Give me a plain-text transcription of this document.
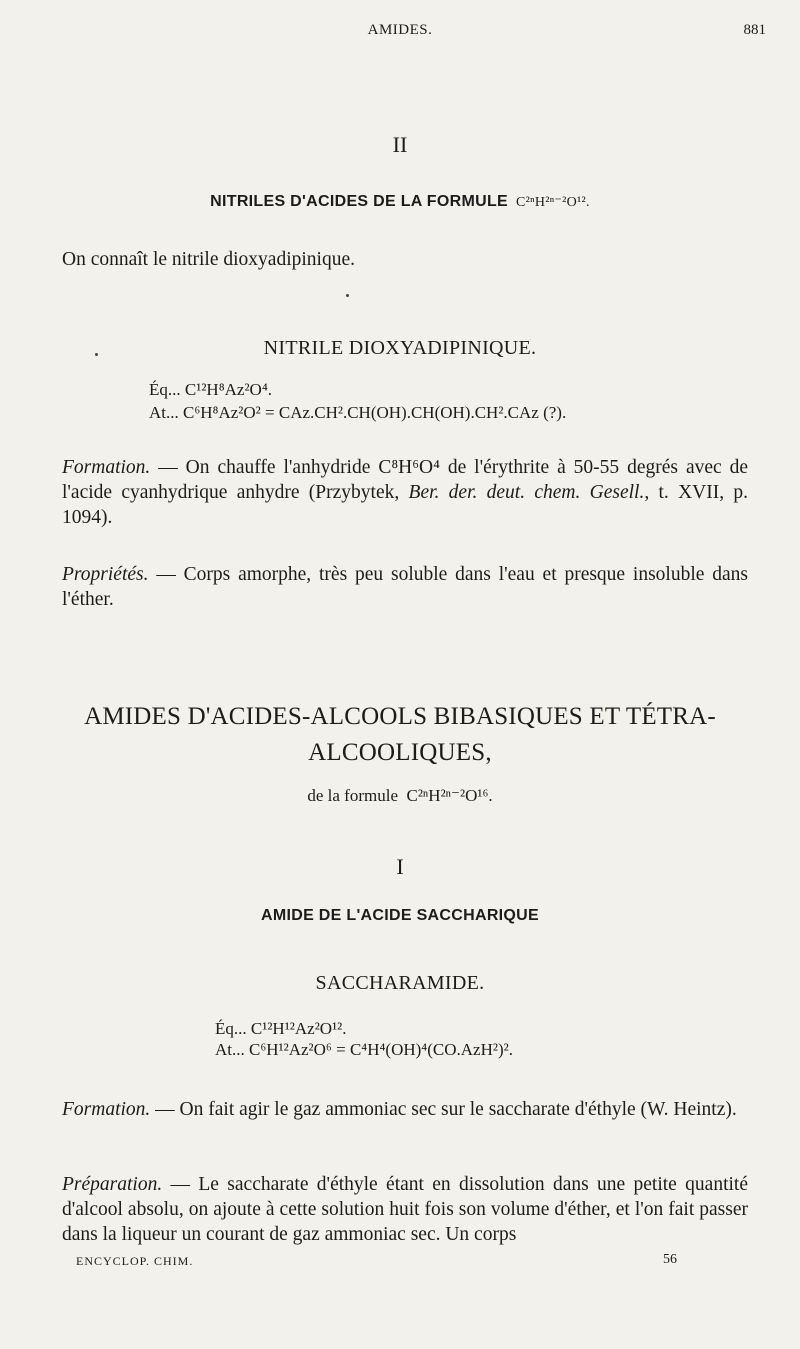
AMIDES.	881
II
NITRILES D'ACIDES DE LA FORMULE C²ⁿH²ⁿ⁻²O¹².
On connaît le nitrile dioxyadipinique.
NITRILE DIOXYADIPINIQUE.
Éq... C¹²H⁸Az²O⁴.
At... C⁶H⁸Az²O² = CAz.CH².CH(OH).CH(OH).CH².CAz (?).
Formation. — On chauffe l'anhydride C⁸H⁶O⁴ de l'érythrite à 50-55 degrés avec de l'acide cyanhydrique anhydre (Przybytek, Ber. der. deut. chem. Gesell., t. XVII, p. 1094).
Propriétés. — Corps amorphe, très peu soluble dans l'eau et presque insoluble dans l'éther.
AMIDES D'ACIDES-ALCOOLS BIBASIQUES ET TÉTRA-
ALCOOLIQUES,
de la formule C²ⁿH²ⁿ⁻²O¹⁶.
I
AMIDE DE L'ACIDE SACCHARIQUE
SACCHARAMIDE.
Éq... C¹²H¹²Az²O¹².
At... C⁶H¹²Az²O⁶ = C⁴H⁴(OH)⁴(CO.AzH²)².
Formation. — On fait agir le gaz ammoniac sec sur le saccharate d'éthyle (W. Heintz).
Préparation. — Le saccharate d'éthyle étant en dissolution dans une petite quantité d'alcool absolu, on ajoute à cette solution huit fois son volume d'éther, et l'on fait passer dans la liqueur un courant de gaz ammoniac sec. Un corps
ENCYCLOP. CHIM.	56
